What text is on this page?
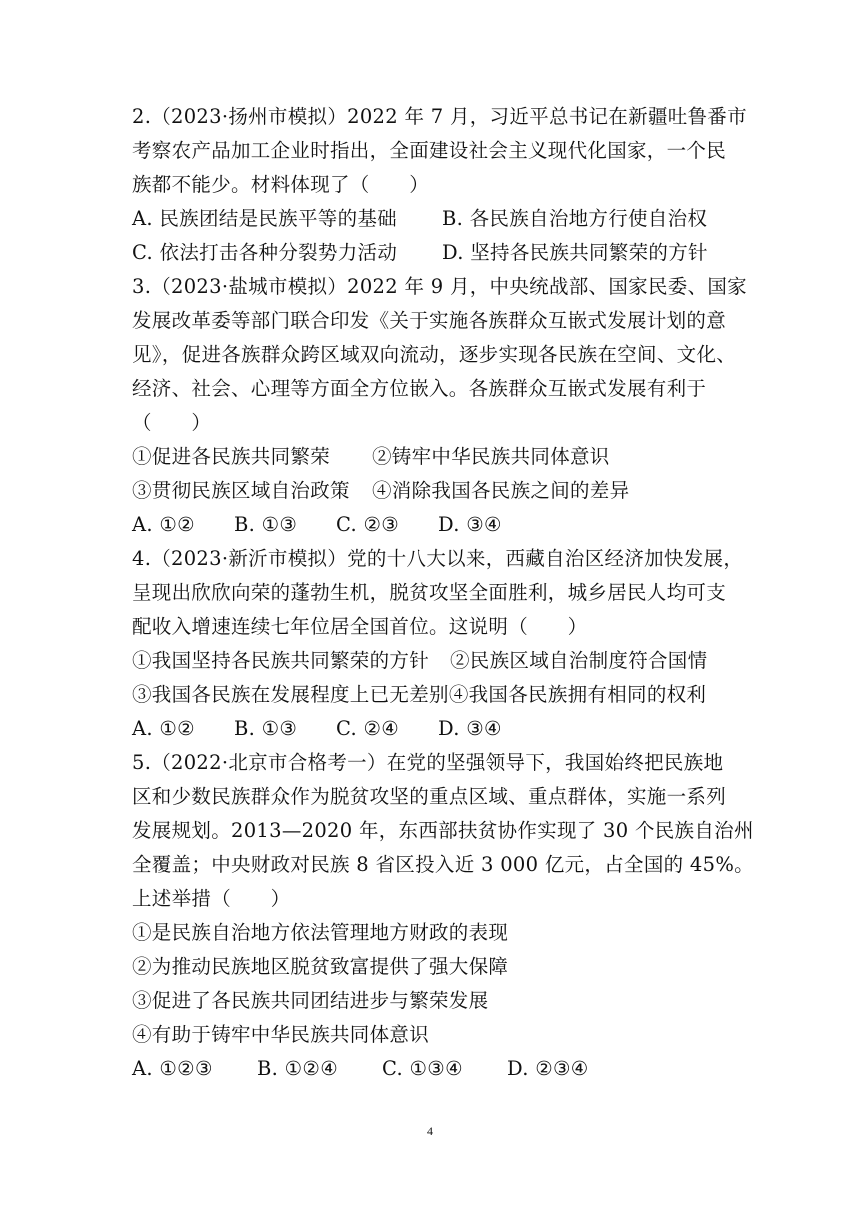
2.（2023·扬州市模拟）2022 年 7 月，习近平总书记在新疆吐鲁番市
考察农产品加工企业时指出，全面建设社会主义现代化国家，一个民
族都不能少。材料体现了（　　）
A. 民族团结是民族平等的基础 B. 各民族自治地方行使自治权
C. 依法打击各种分裂势力活动 D. 坚持各民族共同繁荣的方针
3.（2023·盐城市模拟）2022 年 9 月，中央统战部、国家民委、国家
发展改革委等部门联合印发《关于实施各族群众互嵌式发展计划的意
见》，促进各族群众跨区域双向流动，逐步实现各民族在空间、文化、
经济、社会、心理等方面全方位嵌入。各族群众互嵌式发展有利于
（　　）
①促进各民族共同繁荣 ②铸牢中华民族共同体意识
③贯彻民族区域自治政策 ④消除我国各民族之间的差异
A. ①② B. ①③ C. ②③ D. ③④
4.（2023·新沂市模拟）党的十八大以来，西藏自治区经济加快发展，
呈现出欣欣向荣的蓬勃生机，脱贫攻坚全面胜利，城乡居民人均可支
配收入增速连续七年位居全国首位。这说明（　　）
①我国坚持各民族共同繁荣的方针 ②民族区域自治制度符合国情
③我国各民族在发展程度上已无差别④我国各民族拥有相同的权利
A. ①② B. ①③ C. ②④ D. ③④
5.（2022·北京市合格考一）在党的坚强领导下，我国始终把民族地
区和少数民族群众作为脱贫攻坚的重点区域、重点群体，实施一系列
发展规划。2013—2020 年，东西部扶贫协作实现了 30 个民族自治州
全覆盖；中央财政对民族 8 省区投入近 3 000 亿元，占全国的 45%。
上述举措（　　）
①是民族自治地方依法管理地方财政的表现
②为推动民族地区脱贫致富提供了强大保障
③促进了各民族共同团结进步与繁荣发展
④有助于铸牢中华民族共同体意识
A. ①②③ B. ①②④ C. ①③④ D. ②③④
4
